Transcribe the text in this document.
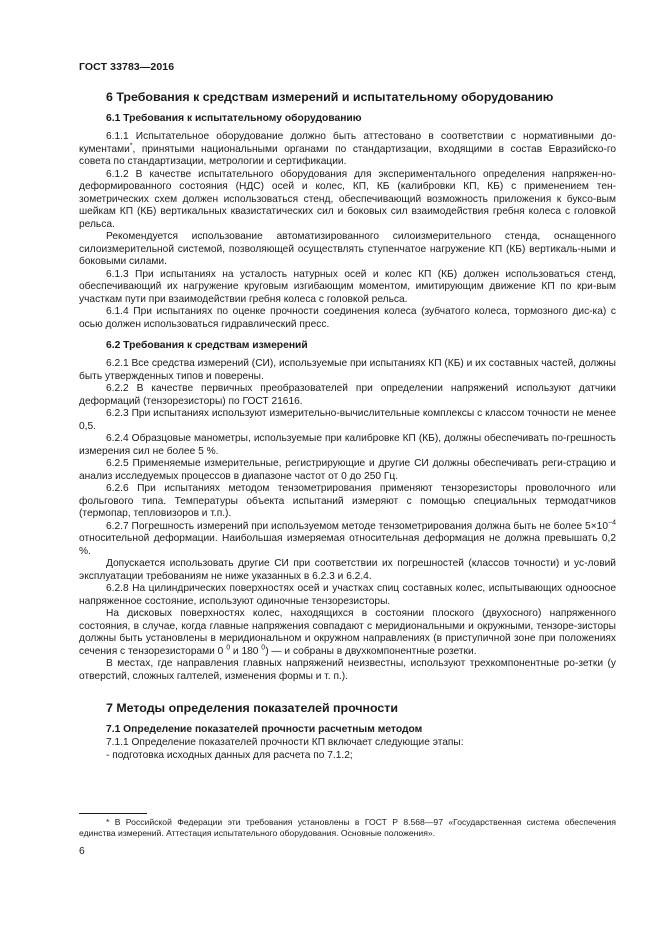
ГОСТ 33783—2016
6 Требования к средствам измерений и испытательному оборудованию
6.1 Требования к испытательному оборудованию

6.1.1 Испытательное оборудование должно быть аттестовано в соответствии с нормативными до-кументами*, принятыми национальными органами по стандартизации, входящими в состав Евразийско-го совета по стандартизации, метрологии и сертификации.

6.1.2 В качестве испытательного оборудования для экспериментального определения напряжен-но-деформированного состояния (НДС) осей и колес, КП, КБ (калибровки КП, КБ) с применением тен-зометрических схем должен использоваться стенд, обеспечивающий возможность приложения к буксо-вым шейкам КП (КБ) вертикальных квазистатических сил и боковых сил взаимодействия гребня колеса с головкой рельса.

Рекомендуется использование автоматизированного силоизмерительного стенда, оснащенного силоизмерительной системой, позволяющей осуществлять ступенчатое нагружение КП (КБ) вертикаль-ными и боковыми силами.

6.1.3 При испытаниях на усталость натурных осей и колес КП (КБ) должен использоваться стенд, обеспечивающий их нагружение круговым изгибающим моментом, имитирующим движение КП по кри-вым участкам пути при взаимодействии гребня колеса с головкой рельса.

6.1.4 При испытаниях по оценке прочности соединения колеса (зубчатого колеса, тормозного дис-ка) с осью должен использоваться гидравлический пресс.

6.2 Требования к средствам измерений

6.2.1 Все средства измерений (СИ), используемые при испытаниях КП (КБ) и их составных частей, должны быть утвержденных типов и поверены.

6.2.2 В качестве первичных преобразователей при определении напряжений используют датчики деформаций (тензорезисторы) по ГОСТ 21616.

6.2.3 При испытаниях используют измерительно-вычислительные комплексы с классом точности не менее 0,5.

6.2.4 Образцовые манометры, используемые при калибровке КП (КБ), должны обеспечивать по-грешность измерения сил не более 5 %.

6.2.5 Применяемые измерительные, регистрирующие и другие СИ должны обеспечивать реги-страцию и анализ исследуемых процессов в диапазоне частот от 0 до 250 Гц.

6.2.6 При испытаниях методом тензометрирования применяют тензорезисторы проволочного или фольгового типа. Температуры объекта испытаний измеряют с помощью специальных термодатчиков (термопар, тепловизоров и т.п.).

6.2.7 Погрешность измерений при используемом методе тензометрирования должна быть не более $5\times 10^{-4}$ относительной деформации. Наибольшая измеряемая относительная деформация не должна превышать 0,2 %.

Допускается использовать другие СИ при соответствии их погрешностей (классов точности) и ус-ловий эксплуатации требованиям не ниже указанных в 6.2.3 и 6.2.4.

6.2.8 На цилиндрических поверхностях осей и участках спиц составных колес, испытывающих одноосное напряженное состояние, используют одиночные тензорезисторы.

На дисковых поверхностях колес, находящихся в состоянии плоского (двухосного) напряженного состояния, в случае, когда главные напряжения совпадают с меридиональными и окружными, тензоре-зисторы должны быть установлены в меридиональном и окружном направлениях (в приступичной зоне при положениях сечения с тензорезисторами 0 $^0$ и 180 $^0$) — и собраны в двухкомпонентные розетки.

В местах, где направления главных напряжений неизвестны, используют трехкомпонентные ро-зетки (у отверстий, сложных галтелей, изменения формы и т. п.).

7 Методы определения показателей прочности
7.1 Определение показателей прочности расчетным методом

7.1.1 Определение показателей прочности КП включает следующие этапы:

- подготовка исходных данных для расчета по 7.1.2;

* В Российской Федерации эти требования установлены в ГОСТ Р 8.568—97 «Государственная система обеспечения единства измерений. Аттестация испытательного оборудования. Основные положения».

6
